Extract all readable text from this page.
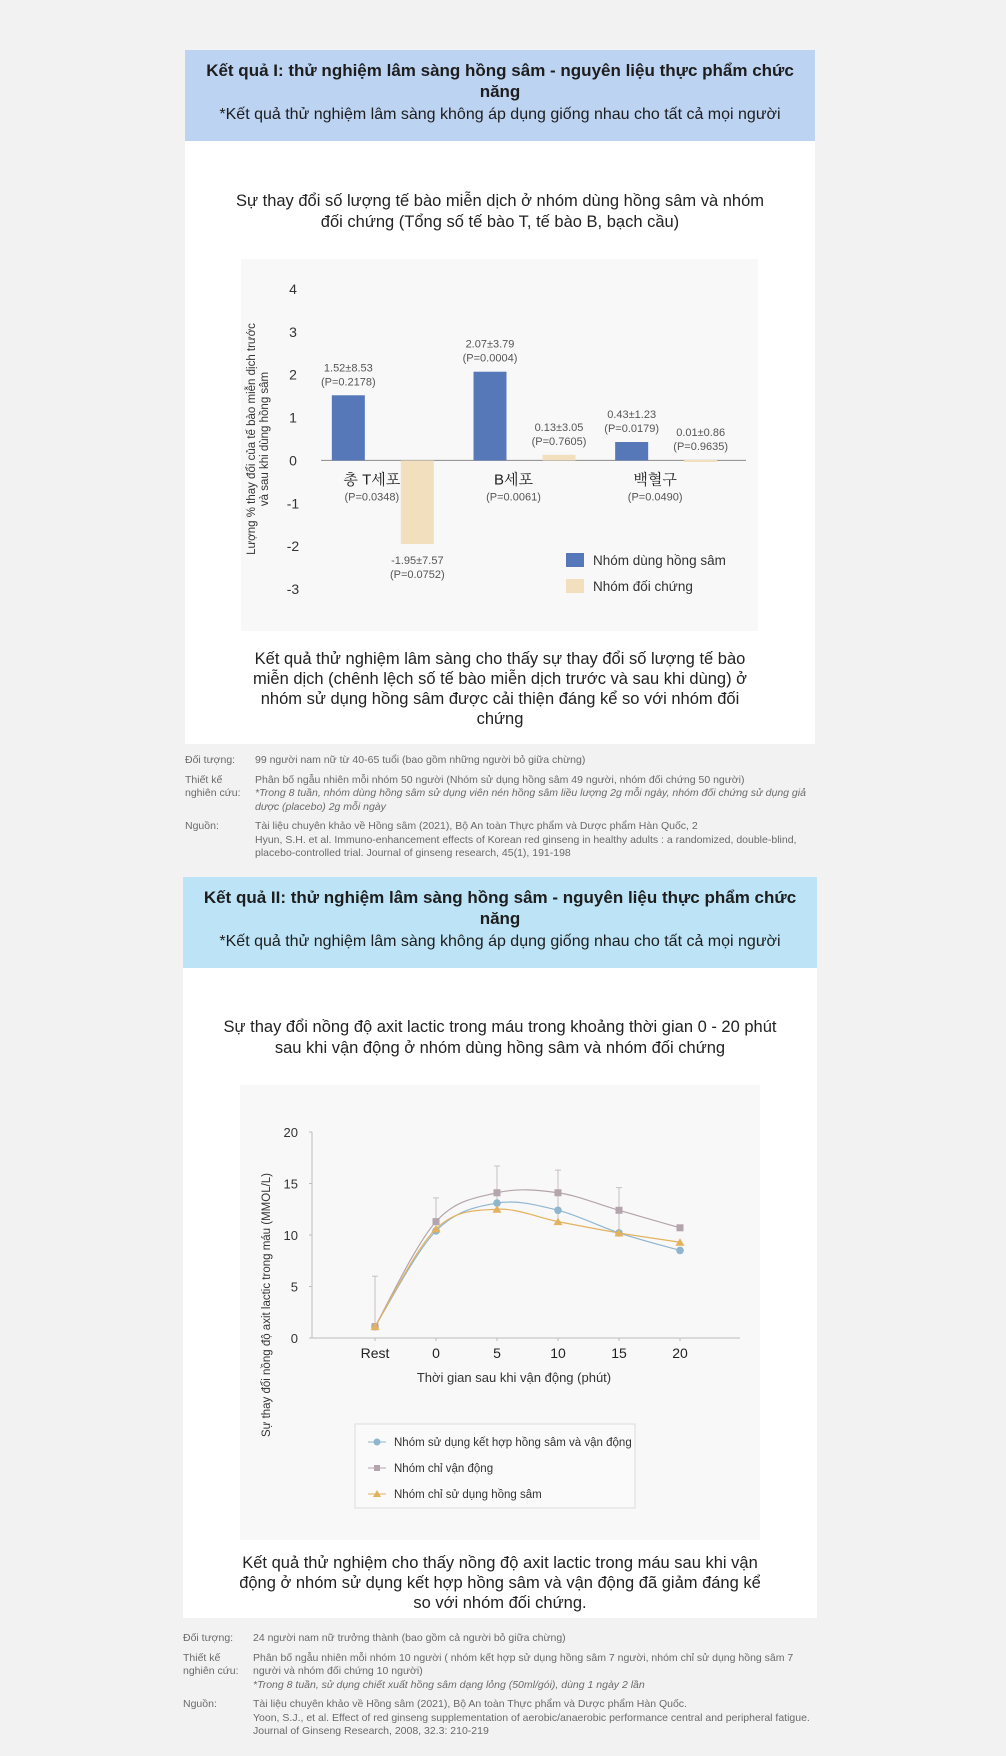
Kết quả I: thử nghiệm lâm sàng hồng sâm - nguyên liệu thực phẩm chức năng
*Kết quả thử nghiệm lâm sàng không áp dụng giống nhau cho tất cả mọi người
Sự thay đổi số lượng tế bào miễn dịch ở nhóm dùng hồng sâm và nhóm đối chứng (Tổng số tế bào T, tế bào B, bạch cầu)
Lượng % thay đổi của tế bào miễn dịch trướcvà sau khi dùng hồng sâm
4
3
2
1
0
-1
-2
-3
1.52±8.53
(P=0.2178)
-1.95±7.57
(P=0.0752)
총 T세포
(P=0.0348)
2.07±3.79
(P=0.0004)
0.13±3.05
(P=0.7605)
B세포
(P=0.0061)
0.43±1.23
(P=0.0179) 0.01±0.86
(P=0.9635)
백혈구
(P=0.0490)
Nhóm dùng hồng sâm
Nhóm đối chứng
Kết quả thử nghiệm lâm sàng cho thấy sự thay đổi số lượng tế bào miễn dịch (chênh lệch số tế bào miễn dịch trước và sau khi dùng) ở nhóm sử dụng hồng sâm được cải thiện đáng kể so với nhóm đối chứng
Đối tượng:	99 người nam nữ từ 40-65 tuổi (bao gồm những người bỏ giữa chừng)
Thiết kế nghiên cứu:
Phân bố ngẫu nhiên mỗi nhóm 50 người (Nhóm sử dụng hồng sâm 49 người, nhóm đối chứng 50 người)
*Trong 8 tuần, nhóm dùng hồng sâm sử dụng viên nén hồng sâm liều lượng 2g mỗi ngày, nhóm đối chứng sử dụng giả dược (placebo) 2g mỗi ngày
Nguồn:	Tài liệu chuyên khảo về Hồng sâm (2021), Bộ An toàn Thực phẩm và Dược phẩm Hàn Quốc, 2
Hyun, S.H. et al. Immuno-enhancement effects of Korean red ginseng in healthy adults : a randomized, double-blind, placebo-controlled trial. Journal of ginseng research, 45(1), 191-198
Kết quả II: thử nghiệm lâm sàng hồng sâm - nguyên liệu thực phẩm chức năng
*Kết quả thử nghiệm lâm sàng không áp dụng giống nhau cho tất cả mọi người
Sự thay đổi nồng độ axit lactic trong máu trong khoảng thời gian 0 - 20 phút sau khi vận động ở nhóm dùng hồng sâm và nhóm đối chứng
Sự thay đổi nồng độ axit lactic trong máu (MMOL/L)
20
15
10
5
0
Rest	0	5	10	15	20
Thời gian sau khi vận động (phút)
Nhóm sử dụng kết hợp hồng sâm và vận động
Nhóm chỉ vận động
Nhóm chỉ sử dụng hồng sâm
Kết quả thử nghiệm cho thấy nồng độ axit lactic trong máu sau khi vận động ở nhóm sử dụng kết hợp hồng sâm và vận động đã giảm đáng kể so với nhóm đối chứng.
Đối tượng:	24 người nam nữ trưởng thành (bao gồm cả người bỏ giữa chừng)
Thiết kế nghiên cứu:
Phân bố ngẫu nhiên mỗi nhóm 10 người ( nhóm kết hợp sử dụng hồng sâm 7 người, nhóm chỉ sử dụng hồng sâm 7 người và nhóm đối chứng 10 người)
*Trong 8 tuần, sử dụng chiết xuất hồng sâm dạng lỏng (50ml/gói), dùng 1 ngày 2 lần
Nguồn:	Tài liệu chuyên khảo về Hồng sâm (2021), Bộ An toàn Thực phẩm và Dược phẩm Hàn Quốc.
Yoon, S.J., et al. Effect of red ginseng supplementation of aerobic/anaerobic performance central and peripheral fatigue. Journal of Ginseng Research, 2008, 32.3: 210-219
